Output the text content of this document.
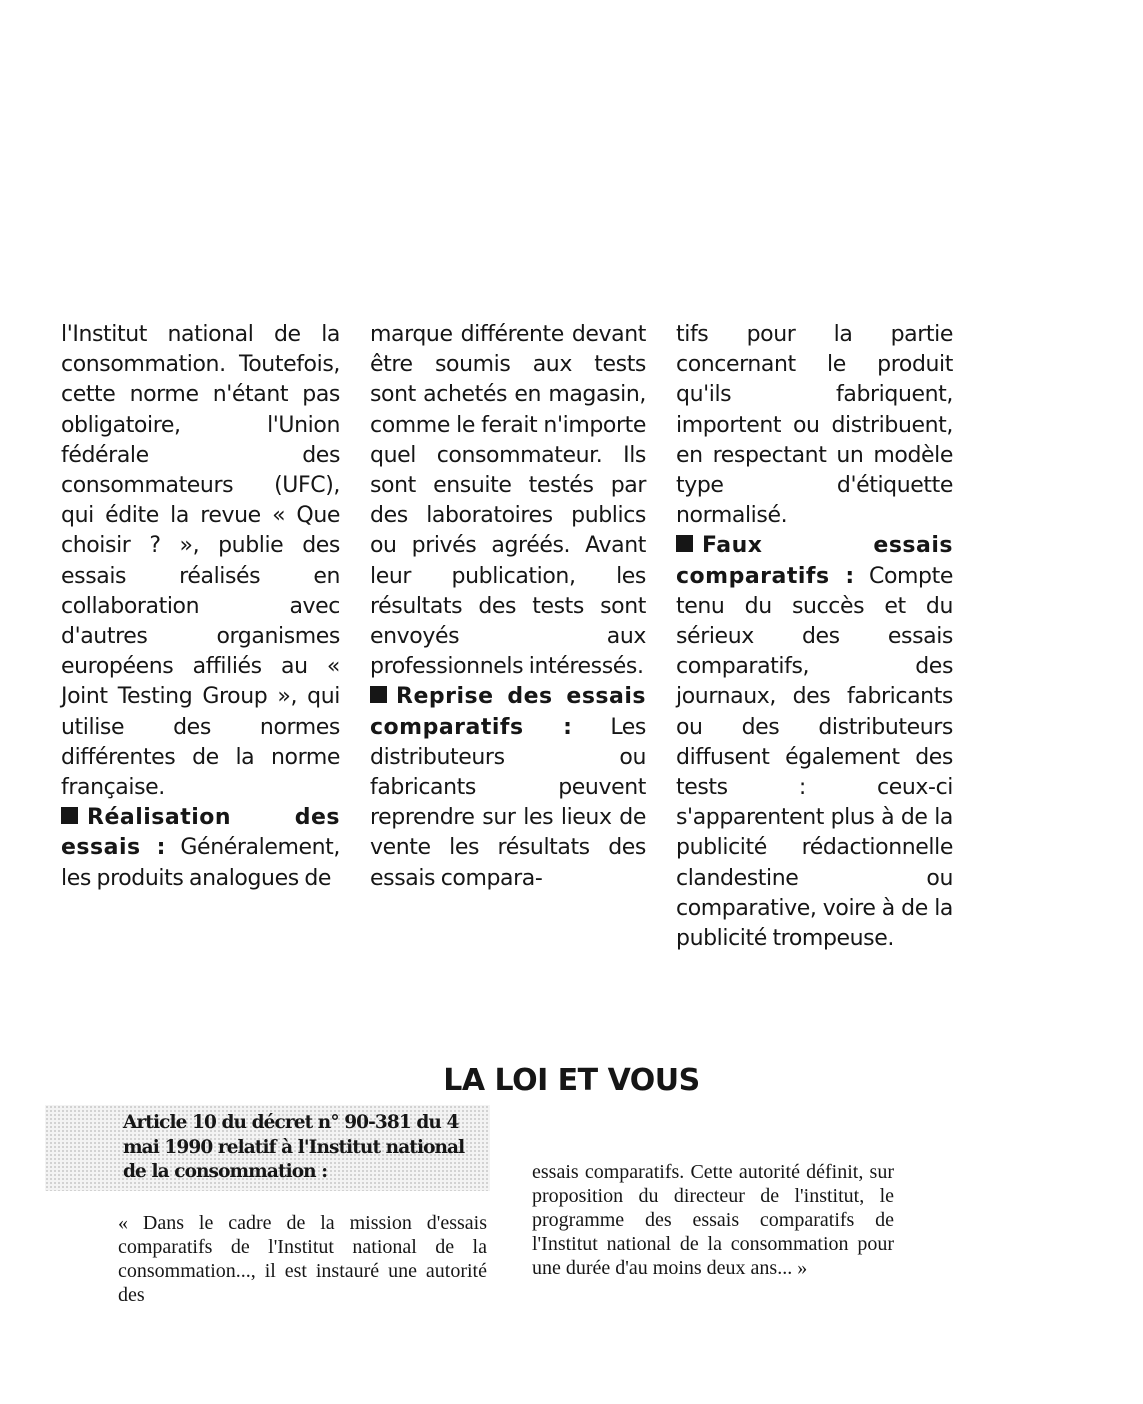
l'Institut national de la consommation. Toutefois, cette norme n'étant pas obligatoire, l'Union fédérale des consommateurs (UFC), qui édite la revue « Que choisir ? », publie des essais réalisés en collaboration avec d'autres organismes européens affiliés au « Joint Testing Group », qui utilise des normes différentes de la norme française.

Réalisation des essais : Généralement, les produits analogues de

marque différente devant être soumis aux tests sont achetés en magasin, comme le ferait n'importe quel consommateur. Ils sont ensuite testés par des laboratoires publics ou privés agréés. Avant leur publication, les résultats des tests sont envoyés aux professionnels intéressés.

Reprise des essais comparatifs : Les distributeurs ou fabricants peuvent reprendre sur les lieux de vente les résultats des essais compara-

tifs pour la partie concernant le produit qu'ils fabriquent, importent ou distribuent, en respectant un modèle type d'étiquette normalisé.

Faux essais comparatifs : Compte tenu du succès et du sérieux des essais comparatifs, des journaux, des fabricants ou des distributeurs diffusent également des tests : ceux-ci s'apparentent plus à de la publicité rédactionnelle clandestine ou comparative, voire à de la publicité trompeuse.

LA LOI ET VOUS

Article 10 du décret n° 90-381 du 4 mai 1990 relatif à l'Institut national de la consommation :

« Dans le cadre de la mission d'essais comparatifs de l'Institut national de la consommation..., il est instauré une autorité des

essais comparatifs. Cette autorité définit, sur proposition du directeur de l'institut, le programme des essais comparatifs de l'Institut national de la consommation pour une durée d'au moins deux ans... »
